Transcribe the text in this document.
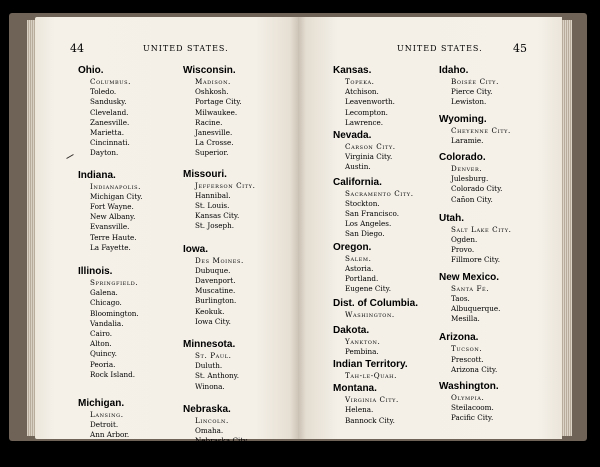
44	UNITED STATES.	UNITED STATES.	45

Ohio.

Columbus.

Toledo.

Sandusky.

Cleveland.

Zanesville.

Marietta.

Cincinnati.

Dayton.

Indiana.

Indianapolis.

Michigan City.

Fort Wayne.

New Albany.

Evansville.

Terre Haute.

La Fayette.

Illinois.

Springfield.

Galena.

Chicago.

Bloomington.

Vandalia.

Cairo.

Alton.

Quincy.

Peoria.

Rock Island.

Michigan.

Lansing.

Detroit.

Ann Arbor.

Adrian.

Grand Rapids.

Wisconsin.

Madison.

Oshkosh.

Portage City.

Milwaukee.

Racine.

Janesville.

La Crosse.

Superior.

Missouri.

Jefferson City.

Hannibal.

St. Louis.

Kansas City.

St. Joseph.

Iowa.

Des Moines.

Dubuque.

Davenport.

Muscatine.

Burlington.

Keokuk.

Iowa City.

Minnesota.

St. Paul.

Duluth.

St. Anthony.

Winona.

Nebraska.

Lincoln.

Omaha.

Nebraska City.

Otoe City.

Kearney.

Kansas.

Topeka.

Atchison.

Leavenworth.

Lecompton.

Lawrence.

Nevada.

Carson City.

Virginia City.

Austin.

California.

Sacramento City.

Stockton.

San Francisco.

Los Angeles.

San Diego.

Oregon.

Salem.

Astoria.

Portland.

Eugene City.

Dist. of Columbia.

Washington.

Dakota.

Yankton.

Pembina.

Indian Territory.

Tah-le-Quah.

Montana.

Virginia City.

Helena.

Bannock City.

Idaho.

Boisée City.

Pierce City.

Lewiston.

Wyoming.

Cheyenne City.

Laramie.

Colorado.

Denver.

Julesburg.

Colorado City.

Cañon City.

Utah.

Salt Lake City.

Ogden.

Provo.

Fillmore City.

New Mexico.

Santa Fé.

Taos.

Albuquerque.

Mesilla.

Arizona.

Tucson.

Prescott.

Arizona City.

Washington.

Olympia.

Steilacoom.

Pacific City.
